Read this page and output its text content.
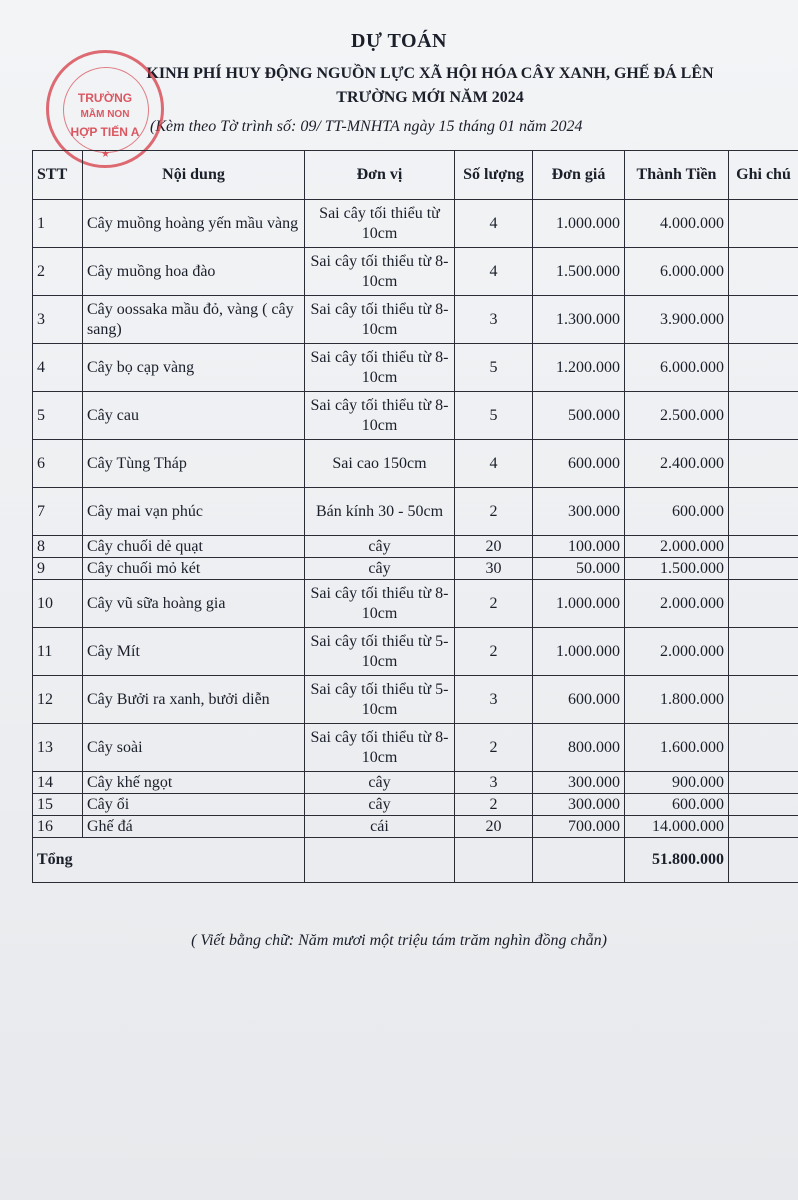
DỰ TOÁN
KINH PHÍ HUY ĐỘNG NGUỒN LỰC XÃ HỘI HÓA CÂY XANH, GHẾ ĐÁ LÊN
TRƯỜNG MỚI NĂM 2024
(Kèm theo Tờ trình số: 09/ TT-MNHTA ngày 15 tháng 01 năm 2024
TRƯỜNG
MẦM NON
HỢP TIẾN A
★
STT	Nội dung	Đơn vị	Số lượng	Đơn giá	Thành Tiền	Ghi chú
1	Cây muồng hoàng yến mầu vàng	Sai cây tối thiểu từ 10cm	4	1.000.000	4.000.000	
2	Cây muồng hoa đào	Sai cây tối thiểu từ 8-10cm	4	1.500.000	6.000.000	
3	Cây oossaka mầu đỏ, vàng ( cây sang)	Sai cây tối thiểu từ 8-10cm	3	1.300.000	3.900.000	
4	Cây bọ cạp vàng	Sai cây tối thiểu từ 8-10cm	5	1.200.000	6.000.000	
5	Cây cau	Sai cây tối thiểu từ 8-10cm	5	500.000	2.500.000	
6	Cây Tùng Tháp	Sai cao 150cm	4	600.000	2.400.000	
7	Cây mai vạn phúc	Bán kính 30 - 50cm	2	300.000	600.000	
8	Cây chuối dẻ quạt	cây	20	100.000	2.000.000	
9	Cây chuối mỏ két	cây	30	50.000	1.500.000	
10	Cây vũ sữa hoàng gia	Sai cây tối thiểu từ 8-10cm	2	1.000.000	2.000.000	
11	Cây Mít	Sai cây tối thiểu từ 5-10cm	2	1.000.000	2.000.000	
12	Cây Bưởi ra xanh, bưởi diễn	Sai cây tối thiểu từ 5-10cm	3	600.000	1.800.000	
13	Cây soài	Sai cây tối thiểu từ 8-10cm	2	800.000	1.600.000	
14	Cây khế ngọt	cây	3	300.000	900.000	
15	Cây ổi	cây	2	300.000	600.000	
16	Ghế đá	cái	20	700.000	14.000.000	
Tổng					51.800.000	
( Viết bằng chữ: Năm mươi một triệu tám trăm nghìn đồng chẵn)
